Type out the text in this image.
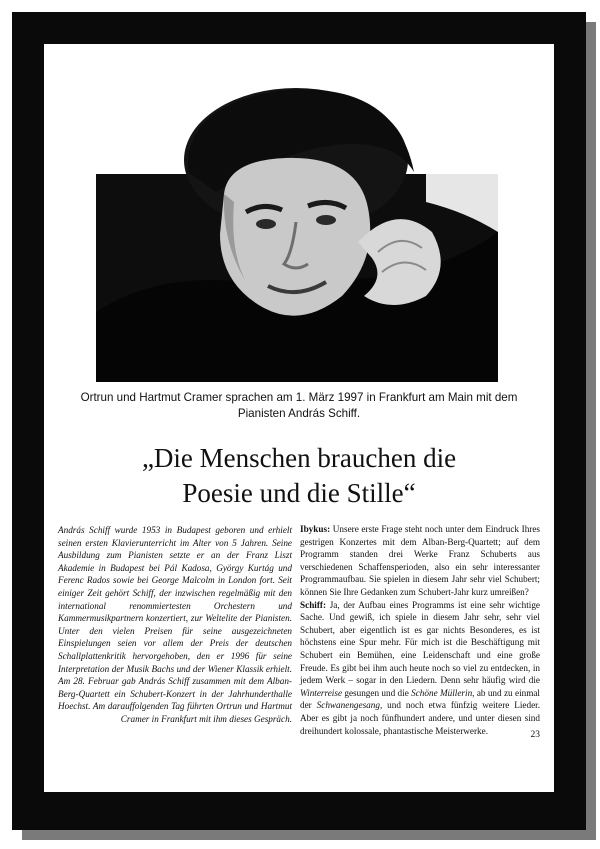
Ortrun und Hartmut Cramer sprachen am 1. März 1997 in Frankfurt am Main mit dem Pianisten András Schiff.
„Die Menschen brauchen die
Poesie und die Stille“
András Schiff wurde 1953 in Budapest geboren und erhielt seinen ersten Klavierunterricht im Alter von 5 Jahren. Seine Ausbildung zum Pianisten setzte er an der Franz Liszt Akademie in Budapest bei Pál Kadosa, György Kurtág und Ferenc Rados sowie bei George Malcolm in London fort. Seit einiger Zeit gehört Schiff, der inzwischen regelmäßig mit den international renommiertesten Orchestern und Kammermusikpartnern konzertiert, zur Weltelite der Pianisten. Unter den vielen Preisen für seine ausgezeichneten Einspielungen seien vor allem der Preis der deutschen Schallplattenkritik hervorgehoben, den er 1996 für seine Interpretation der Musik Bachs und der Wiener Klassik erhielt. Am 28. Februar gab András Schiff zusammen mit dem Alban-Berg-Quartett ein Schubert-Konzert in der Jahrhunderthalle Hoechst. Am darauffolgenden Tag führten Ortrun und Hartmut Cramer in Frankfurt mit ihm dieses Gespräch.

Ibykus: Unsere erste Frage steht noch unter dem Eindruck Ihres gestrigen Konzertes mit dem Alban-Berg-Quartett; auf dem Programm standen drei Werke Franz Schuberts aus verschiedenen Schaffensperioden, also ein sehr interessanter Programmaufbau. Sie spielen in diesem Jahr sehr viel Schubert; können Sie Ihre Gedanken zum Schubert-Jahr kurz umreißen?

Schiff: Ja, der Aufbau eines Programms ist eine sehr wichtige Sache. Und gewiß, ich spiele in diesem Jahr sehr, sehr viel Schubert, aber eigentlich ist es gar nichts Besonderes, es ist höchstens eine Spur mehr. Für mich ist die Beschäftigung mit Schubert ein Bemühen, eine Leidenschaft und eine große Freude. Es gibt bei ihm auch heute noch so viel zu entdecken, in jedem Werk – sogar in den Liedern. Denn sehr häufig wird die Winterreise gesungen und die Schöne Müllerin, ab und zu einmal der Schwanengesang, und noch etwa fünfzig weitere Lieder. Aber es gibt ja noch fünfhundert andere, und unter diesen sind dreihundert kolossale, phantastische Meisterwerke.	23
